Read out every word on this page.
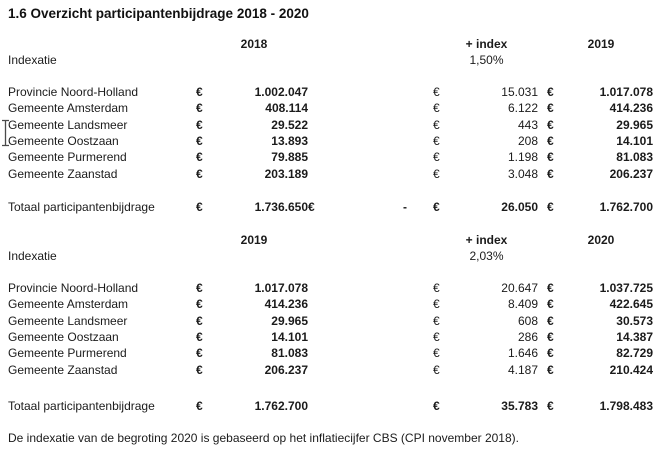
1.6 Overzicht participantenbijdrage 2018 - 2020
2018	+ index	2019
Indexatie	1,50%
Provincie Noord-Holland	€	1.002.047	€	15.031 €	1.017.078
Gemeente Amsterdam	€	408.114	€	6.122 €	414.236
Gemeente Landsmeer	€	29.522	€	443 €	29.965
Gemeente Oostzaan	€	13.893	€	208 €	14.101
Gemeente Purmerend	€	79.885	€	1.198 €	81.083
Gemeente Zaanstad	€	203.189	€	3.048 €	206.237
Totaal participantenbijdrage	€	1.736.650 €	- €	26.050 €	1.762.700
2019	+ index	2020
Indexatie	2,03%
Provincie Noord-Holland	€	1.017.078	€	20.647 €	1.037.725
Gemeente Amsterdam	€	414.236	€	8.409 €	422.645
Gemeente Landsmeer	€	29.965	€	608 €	30.573
Gemeente Oostzaan	€	14.101	€	286 €	14.387
Gemeente Purmerend	€	81.083	€	1.646 €	82.729
Gemeente Zaanstad	€	206.237	€	4.187 €	210.424
Totaal participantenbijdrage	€	1.762.700	€	35.783 €	1.798.483
De indexatie van de begroting 2020 is gebaseerd op het inflatiecijfer CBS (CPI november 2018).
